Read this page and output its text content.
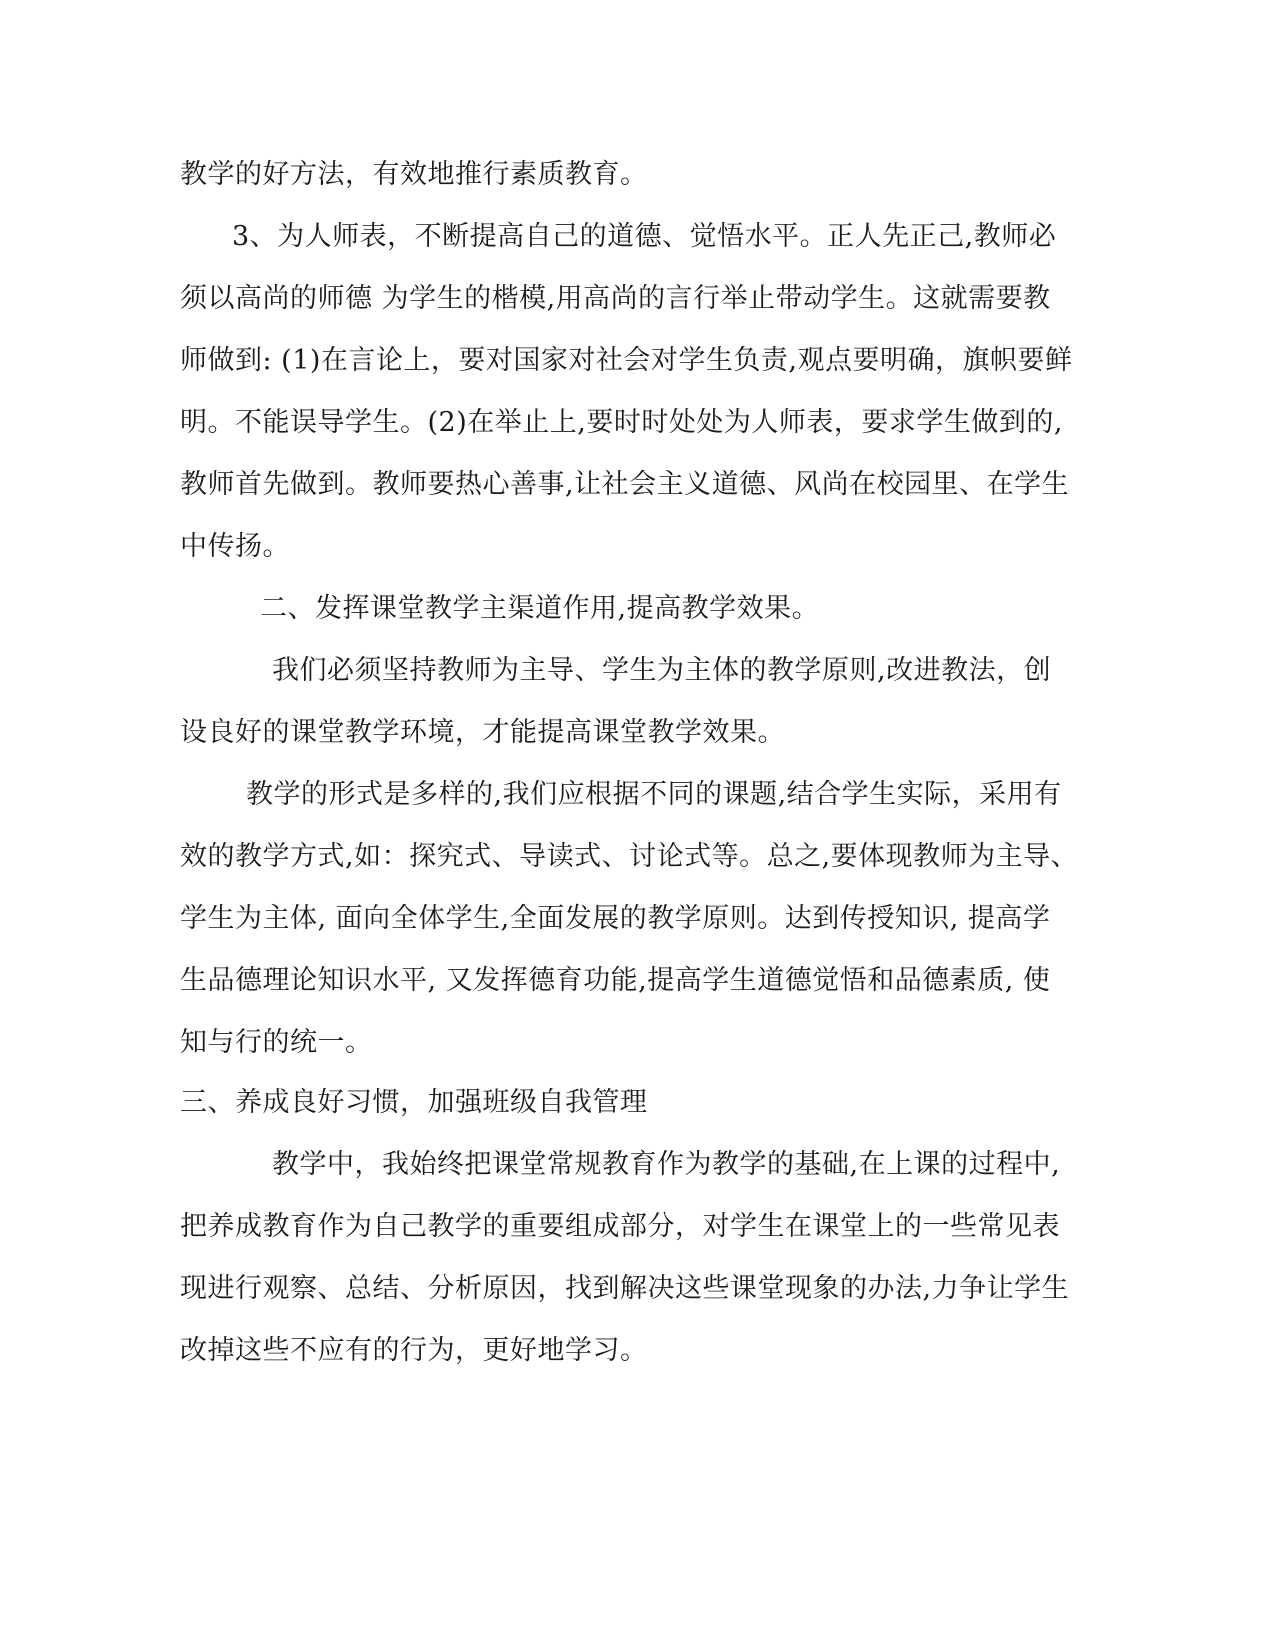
教学的好方法，有效地推行素质教育。
3、为人师表，不断提高自己的道德、觉悟水平。正人先正己,教师必
须以高尚的师德 为学生的楷模,用高尚的言行举止带动学生。这就需要教
师做到: (1)在言论上，要对国家对社会对学生负责,观点要明确，旗帜要鲜
明。不能误导学生。(2)在举止上,要时时处处为人师表，要求学生做到的,
教师首先做到。教师要热心善事,让社会主义道德、风尚在校园里、在学生
中传扬。
二、发挥课堂教学主渠道作用,提高教学效果。
我们必须坚持教师为主导、学生为主体的教学原则,改进教法，创
设良好的课堂教学环境，才能提高课堂教学效果。
教学的形式是多样的,我们应根据不同的课题,结合学生实际，采用有
效的教学方式,如：探究式、导读式、讨论式等。总之,要体现教师为主导、
学生为主体, 面向全体学生,全面发展的教学原则。达到传授知识, 提高学
生品德理论知识水平, 又发挥德育功能,提高学生道德觉悟和品德素质, 使
知与行的统一。
三、养成良好习惯，加强班级自我管理
教学中，我始终把课堂常规教育作为教学的基础,在上课的过程中,
把养成教育作为自己教学的重要组成部分，对学生在课堂上的一些常见表
现进行观察、总结、分析原因，找到解决这些课堂现象的办法,力争让学生
改掉这些不应有的行为，更好地学习。
